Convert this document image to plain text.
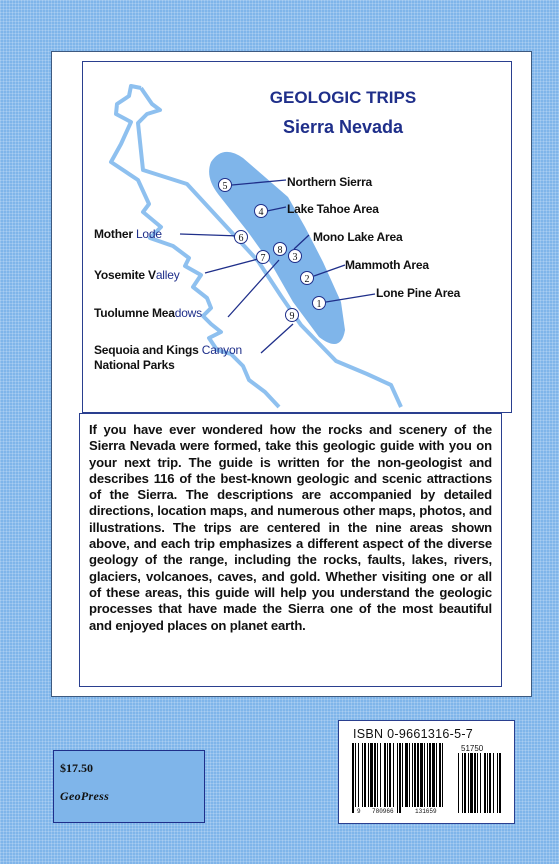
5
4
6
8
7	3
2
1
9
GEOLOGIC TRIPS
Sierra Nevada
Northern Sierra
Lake Tahoe Area
Mono Lake Area
Mammoth Area
Lone Pine Area
Mother Lode
Yosemite Valley
Tuolumne Meadows
Sequoia and Kings Canyon
National Parks

If you have ever wondered how the rocks and scenery of the Sierra Nevada were formed, take this geologic guide with you on your next trip. The guide is written for the non-geologist and describes 116 of the best-known geologic and scenic attractions of the Sierra. The descriptions are accompanied by detailed directions, location maps, and numerous other maps, photos, and illustrations. The trips are centered in the nine areas shown above, and each trip emphasizes a different aspect of the diverse geology of the range, including the rocks, faults, lakes, rivers, glaciers, volcanoes, caves, and gold. Whether visiting one or all of these areas, this guide will help you understand the geologic processes that have made the Sierra one of the most beautiful and enjoyed places on planet earth.

$17.50
GeoPress
ISBN 0-9661316-5-7
51750
9 780966	131659
